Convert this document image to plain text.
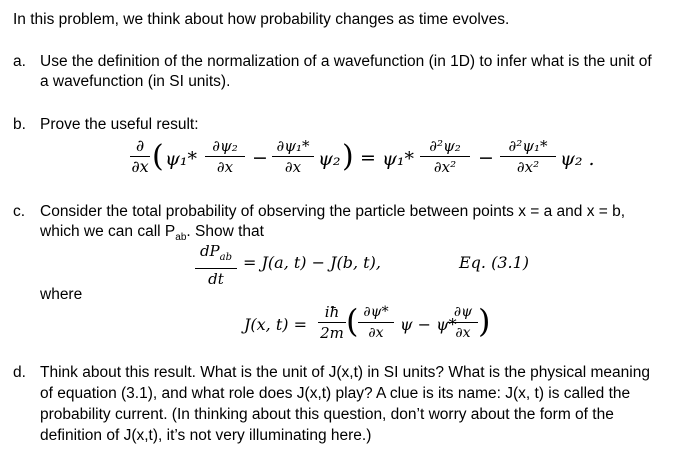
In this problem, we think about how probability changes as time evolves.
a. Use the definition of the normalization of a wavefunction (in 1D) to infer what is the unit of
a wavefunction (in SI units).
b. Prove the useful result:
∂
∂x ( ψ₁*
∂ψ₂
∂x −
∂ψ₁*
∂x ψ₂ ) = ψ₁*
∂²ψ₂
∂x²	−
∂²ψ₁*
∂x²	ψ₂ .
c. Consider the total probability of observing the particle between points x = a and x = b,
which we can call $P_{ab}$. Show that
$dP_{ab}$
dt
= J(a, t) − J(b, t),	Eq. (3.1)
where
J(x, t) =
iħ
2m ( ∂ψ*
∂x	ψ − ψ*
∂ψ
∂x )
d. Think about this result. What is the unit of J(x,t) in SI units? What is the physical meaning
of equation (3.1), and what role does J(x,t) play? A clue is its name: J(x, t) is called the
probability current. (In thinking about this question, don’t worry about the form of the
definition of J(x,t), it’s not very illuminating here.)
